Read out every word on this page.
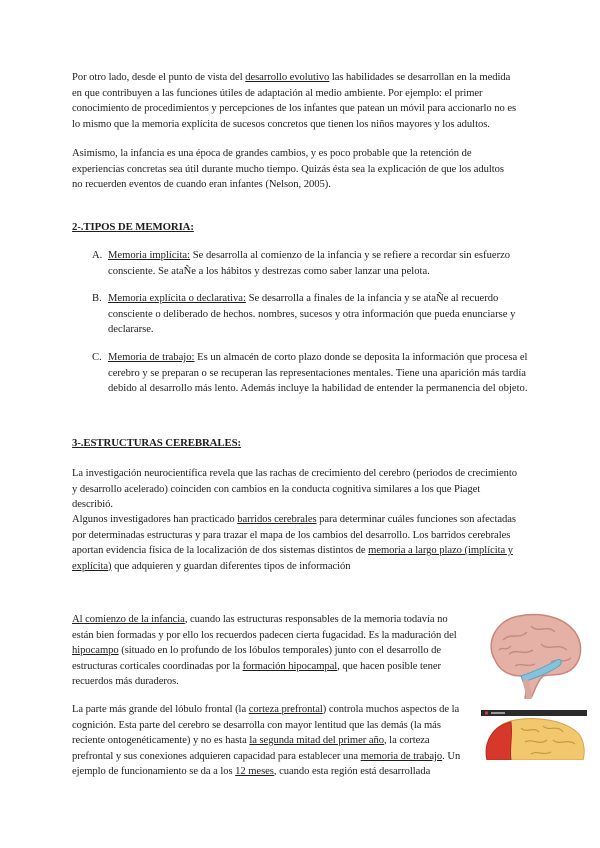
Por otro lado, desde el punto de vista del desarrollo evolutivo las habilidades se desarrollan en la medida en que contribuyen a las funciones útiles de adaptación al medio ambiente. Por ejemplo: el primer conocimiento de procedimientos y percepciones de los infantes que patean un móvil para accionarlo no es lo mismo que la memoria explícita de sucesos concretos que tienen los niños mayores y los adultos.

Asimismo, la infancia es una época de grandes cambios, y es poco probable que la retención de experiencias concretas sea útil durante mucho tiempo. Quizás ésta sea la explicación de que los adultos no recuerden eventos de cuando eran infantes (Nelson, 2005).

2-.TIPOS DE MEMORIA:
A. Memoria implícita: Se desarrolla al comienzo de la infancia y se refiere a recordar sin esfuerzo consciente. Se ataÑe a los hábitos y destrezas como saber lanzar una pelota.
B. Memoria explícita o declarativa: Se desarrolla a finales de la infancia y se ataÑe al recuerdo consciente o deliberado de hechos. nombres, sucesos y otra información que pueda enunciarse y declararse.
C. Memoria de trabajo: Es un almacén de corto plazo donde se deposita la información que procesa el cerebro y se preparan o se recuperan las representaciones mentales. Tiene una aparición más tardía debido al desarrollo más lento. Además incluye la habilidad de entender la permanencia del objeto.
3-.ESTRUCTURAS CEREBRALES:

La investigación neurocientífica revela que las rachas de crecimiento del cerebro (periodos de crecimiento y desarrollo acelerado) coinciden con cambios en la conducta cognitiva similares a los que Piaget describió.

Algunos investigadores han practicado barridos cerebrales para determinar cuáles funciones son afectadas por determinadas estructuras y para trazar el mapa de los cambios del desarrollo. Los barridos cerebrales aportan evidencia física de la localización de dos sistemas distintos de memoria a largo plazo (implícita y explícita) que adquieren y guardan diferentes tipos de información

Al comienzo de la infancia, cuando las estructuras responsables de la memoria todavía no están bien formadas y por ello los recuerdos padecen cierta fugacidad. Es la maduración del hipocampo (situado en lo profundo de los lóbulos temporales) junto con el desarrollo de estructuras corticales coordinadas por la formación hipocampal, que hacen posible tener recuerdos más duraderos.

La parte más grande del lóbulo frontal (la corteza prefrontal) controla muchos aspectos de la cognición. Esta parte del cerebro se desarrolla con mayor lentitud que las demás (la más reciente ontogenéticamente) y no es hasta la segunda mitad del primer año, la corteza prefrontal y sus conexiones adquieren capacidad para establecer una memoria de trabajo. Un ejemplo de funcionamiento se da a los 12 meses, cuando esta región está desarrollada
